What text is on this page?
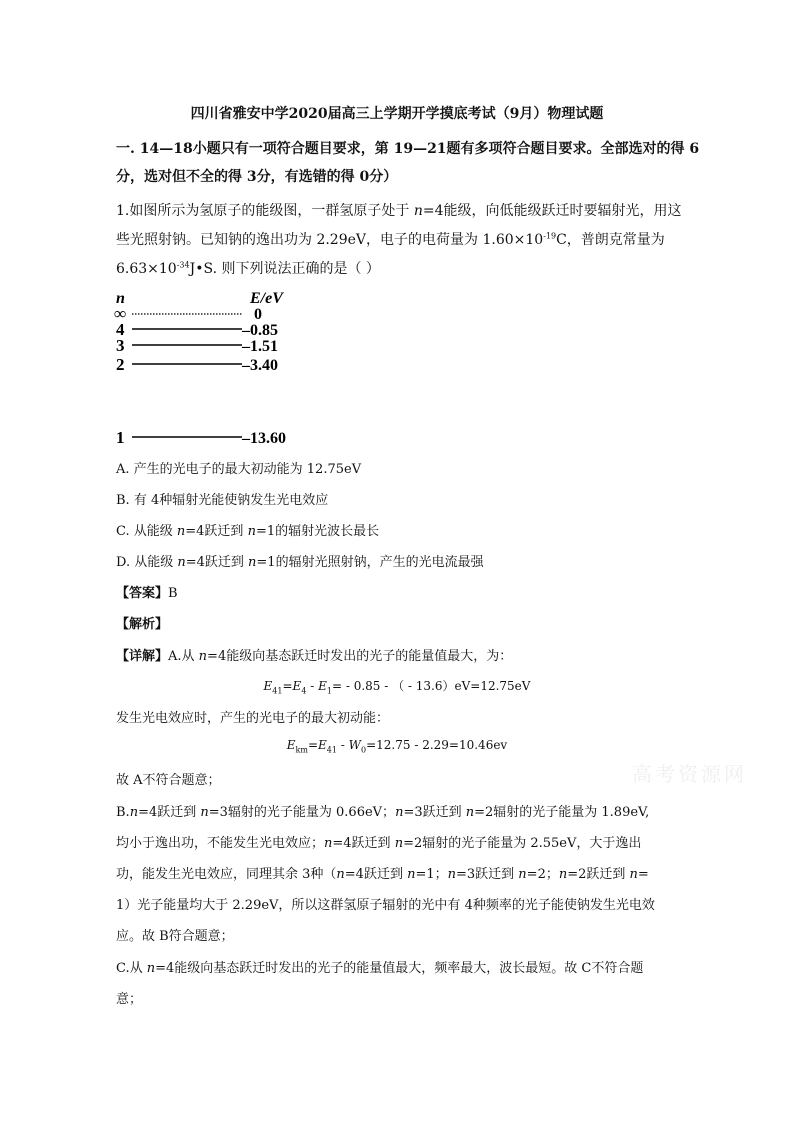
四川省雅安中学2020届高三上学期开学摸底考试（9月）物理试题
一. 14—18小题只有一项符合题目要求，第 19—21题有多项符合题目要求。全部选对的得 6
分，选对但不全的得 3分，有选错的得 0分）
1.如图所示为氢原子的能级图，一群氢原子处于 n=4能级，向低能级跃迁时要辐射光，用这
些光照射钠。已知钠的逸出功为 2.29eV，电子的电荷量为 $1.60\times 10^{-19}C$，普朗克常量为
$6.63\times 10^{-34}J•S$. 则下列说法正确的是（ ）
n	E/eV
∞	0
4	–0.85
3	–1.51
2	–3.40
1	–13.60
A. 产生的光电子的最大初动能为 12.75eV
B. 有 4种辐射光能使钠发生光电效应
C. 从能级 n=4跃迁到 n=1的辐射光波长最长
D. 从能级 n=4跃迁到 n=1的辐射光照射钠，产生的光电流最强
【答案】B
【解析】
【详解】A.从 n=4能级向基态跃迁时发出的光子的能量值最大，为：
$E_{41}=E_4 - E_1= - 0.85$ - （ - 13.6）eV=12.75eV
发生光电效应时，产生的光电子的最大初动能：
$E_{km}=E_{41} - W_0=12.75 - 2.29=10.46ev$
故 A不符合题意；
B.n=4跃迁到 n=3辐射的光子能量为 0.66eV；n=3跃迁到 n=2辐射的光子能量为 1.89eV,
均小于逸出功，不能发生光电效应；n=4跃迁到 n=2辐射的光子能量为 2.55eV，大于逸出
功，能发生光电效应，同理其余 3种（n=4跃迁到 n=1；n=3跃迁到 n=2；n=2跃迁到 n=
1）光子能量均大于 2.29eV，所以这群氢原子辐射的光中有 4种频率的光子能使钠发生光电效
应。故 B符合题意；
C.从 n=4能级向基态跃迁时发出的光子的能量值最大，频率最大，波长最短。故 C不符合题
意；
高考资源网
